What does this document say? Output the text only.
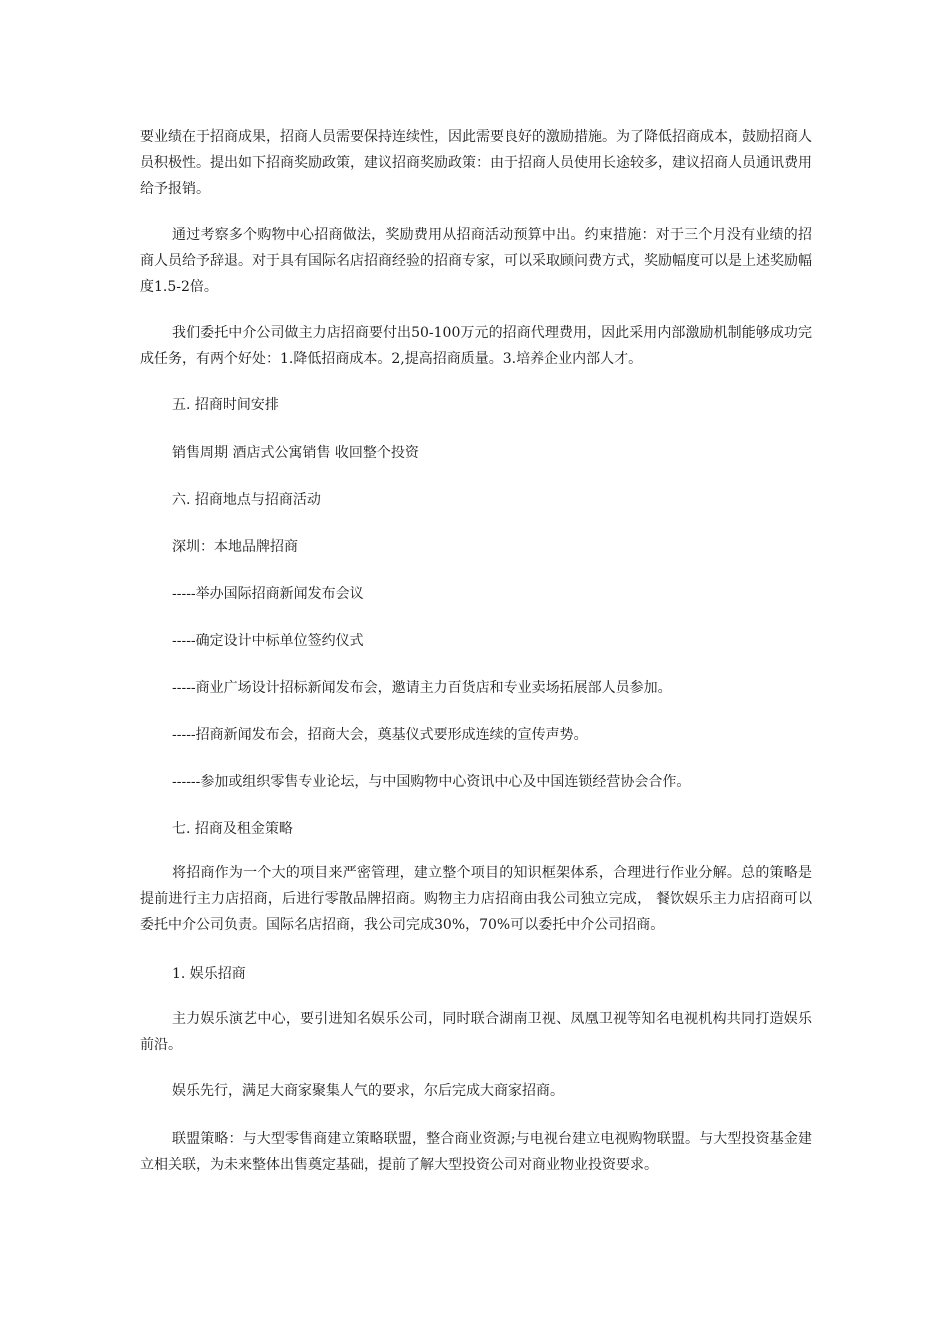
要业绩在于招商成果，招商人员需要保持连续性，因此需要良好的激励措施。为了降低招商成本，鼓励招商人员积极性。提出如下招商奖励政策，建议招商奖励政策：由于招商人员使用长途较多，建议招商人员通讯费用给予报销。

通过考察多个购物中心招商做法，奖励费用从招商活动预算中出。约束措施：对于三个月没有业绩的招商人员给予辞退。对于具有国际名店招商经验的招商专家，可以采取顾问费方式，奖励幅度可以是上述奖励幅度1.5-2倍。

我们委托中介公司做主力店招商要付出50-100万元的招商代理费用，因此采用内部激励机制能够成功完成任务，有两个好处：1.降低招商成本。2,提高招商质量。3.培养企业内部人才。

五. 招商时间安排

销售周期 酒店式公寓销售 收回整个投资

六. 招商地点与招商活动

深圳：本地品牌招商

-----举办国际招商新闻发布会议

-----确定设计中标单位签约仪式

-----商业广场设计招标新闻发布会，邀请主力百货店和专业卖场拓展部人员参加。

-----招商新闻发布会，招商大会，奠基仪式要形成连续的宣传声势。

------参加或组织零售专业论坛，与中国购物中心资讯中心及中国连锁经营协会合作。

七. 招商及租金策略

将招商作为一个大的项目来严密管理，建立整个项目的知识框架体系，合理进行作业分解。总的策略是提前进行主力店招商，后进行零散品牌招商。购物主力店招商由我公司独立完成， 餐饮娱乐主力店招商可以委托中介公司负责。国际名店招商，我公司完成30%，70%可以委托中介公司招商。

1. 娱乐招商

主力娱乐演艺中心，要引进知名娱乐公司，同时联合湖南卫视、凤凰卫视等知名电视机构共同打造娱乐前沿。

娱乐先行，满足大商家聚集人气的要求，尔后完成大商家招商。

联盟策略：与大型零售商建立策略联盟，整合商业资源;与电视台建立电视购物联盟。与大型投资基金建立相关联，为未来整体出售奠定基础，提前了解大型投资公司对商业物业投资要求。
